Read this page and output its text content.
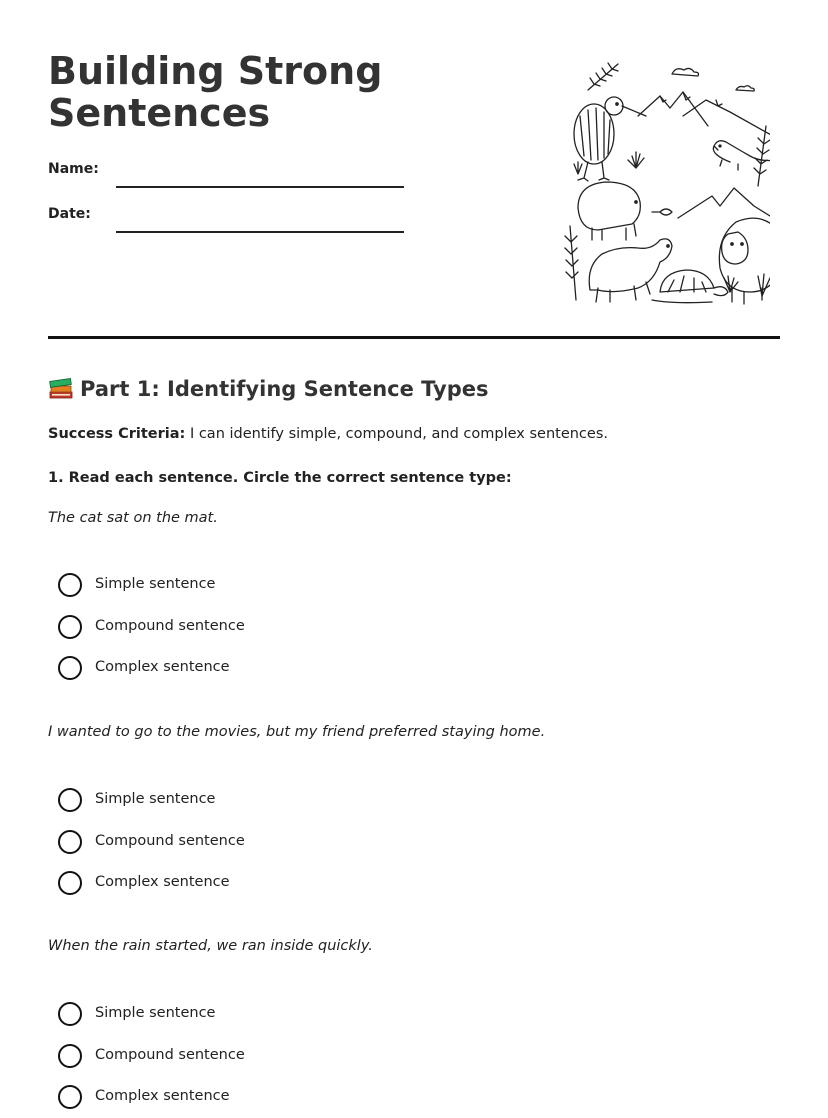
Building Strong
Sentences
Name:
Date:
Part 1: Identifying Sentence Types
Success Criteria: I can identify simple, compound, and complex sentences.
1. Read each sentence. Circle the correct sentence type:
The cat sat on the mat.
Simple sentence
Compound sentence
Complex sentence
I wanted to go to the movies, but my friend preferred staying home.
Simple sentence
Compound sentence
Complex sentence
When the rain started, we ran inside quickly.
Simple sentence
Compound sentence
Complex sentence
